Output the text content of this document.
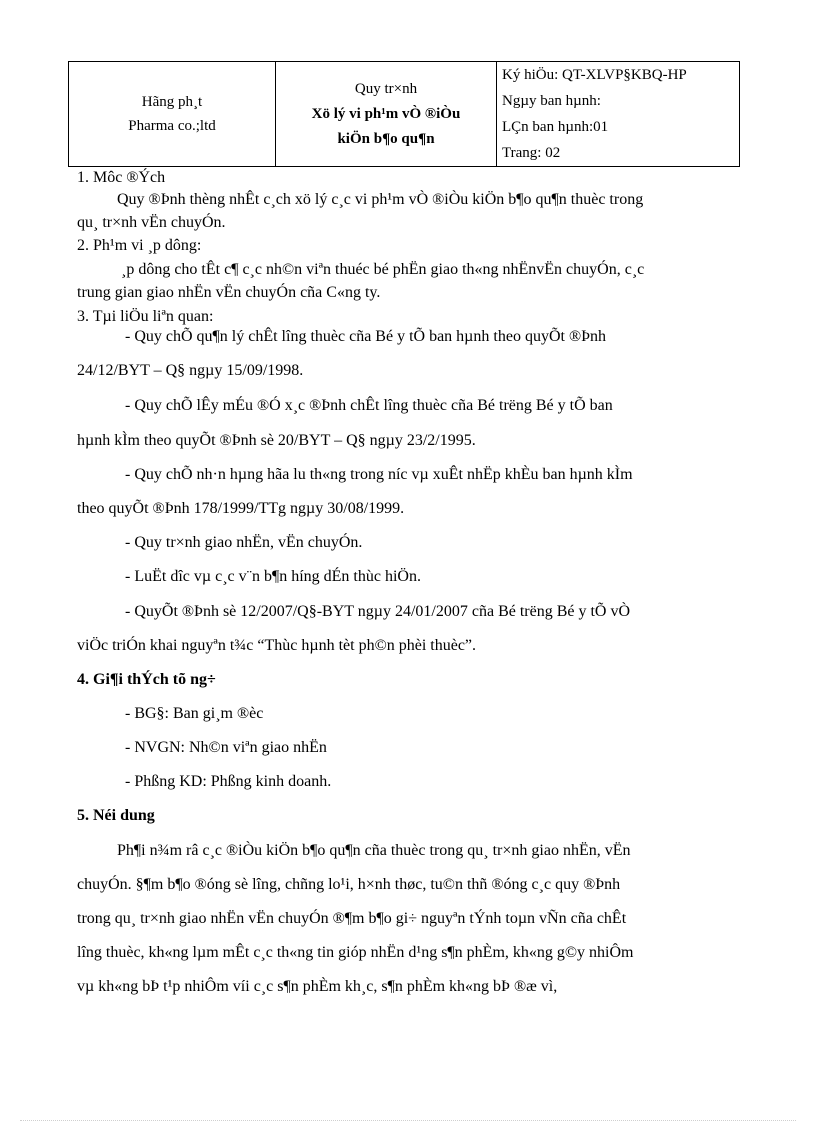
Hãng ph¸t
Pharma co.;ltd

Quy tr×nh
Xö lý vi ph¹m vÒ ®iÒu
kiÖn b¶o qu¶n

Ký hiÖu: QT-XLVP§KBQ-HP
Ngµy ban hµnh:
LÇn ban hµnh:01
Trang: 02
1. Môc ®Ých
Quy ®Þnh thèng nhÊt c¸ch xö lý c¸c vi ph¹m vÒ ®iÒu kiÖn b¶o qu¶n thuèc trong
qu¸ tr×nh vËn chuyÓn.
2. Ph¹m vi ¸p dông:
¸p dông cho tÊt c¶ c¸c nh©n viªn thuéc bé phËn giao th«ng nhËnvËn chuyÓn, c¸c
trung gian giao nhËn vËn chuyÓn cña C«ng ty.
3. Tµi liÖu liªn quan:
- Quy chÕ qu¶n lý chÊt lîng thuèc cña Bé y tÕ ban hµnh theo quyÕt ®Þnh
24/12/BYT – Q§ ngµy 15/09/1998.
- Quy chÕ lÊy mÉu ®Ó x¸c ®Þnh chÊt lîng thuèc cña Bé trëng Bé y tÕ ban
hµnh kÌm theo quyÕt ®Þnh sè 20/BYT – Q§ ngµy 23/2/1995.
- Quy chÕ nh·n hµng hãa lu th«ng trong níc vµ xuÊt nhËp khÈu ban hµnh kÌm
theo quyÕt ®Þnh 178/1999/TTg ngµy 30/08/1999.
- Quy tr×nh giao nhËn, vËn chuyÓn.
- LuËt dîc vµ c¸c v¨n b¶n híng dÉn thùc hiÖn.
- QuyÕt ®Þnh sè 12/2007/Q§-BYT ngµy 24/01/2007 cña Bé trëng Bé y tÕ vÒ
viÖc triÓn khai nguyªn t¾c “Thùc hµnh tèt ph©n phèi thuèc”.
4. Gi¶i thÝch tõ ng÷
- BG§: Ban gi¸m ®èc
- NVGN: Nh©n viªn giao nhËn
- Phßng KD: Phßng kinh doanh.
5. Néi dung
Ph¶i n¾m râ c¸c ®iÒu kiÖn b¶o qu¶n cña thuèc trong qu¸ tr×nh giao nhËn, vËn
chuyÓn. §¶m b¶o ®óng sè lîng, chñng lo¹i, h×nh thøc, tu©n thñ ®óng c¸c quy ®Þnh
trong qu¸ tr×nh giao nhËn vËn chuyÓn ®¶m b¶o gi÷ nguyªn tÝnh toµn vÑn cña chÊt
lîng thuèc, kh«ng lµm mÊt c¸c th«ng tin gióp nhËn d¹ng s¶n phÈm, kh«ng g©y nhiÔm
vµ kh«ng bÞ t¹p nhiÔm víi c¸c s¶n phÈm kh¸c, s¶n phÈm kh«ng bÞ ®æ vì,
